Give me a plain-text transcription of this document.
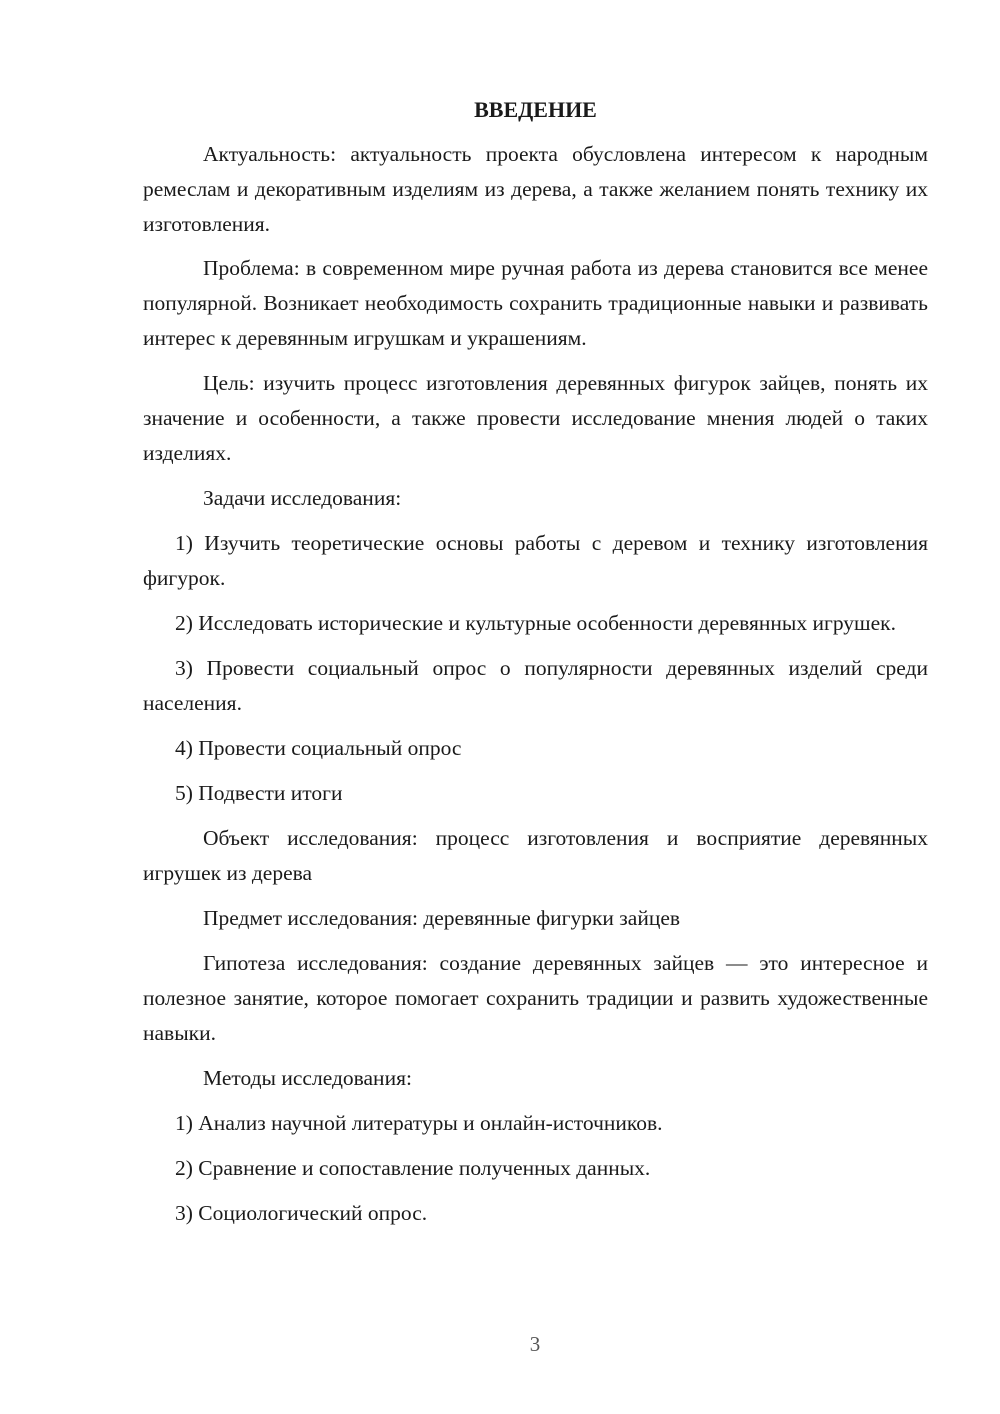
ВВЕДЕНИЕ

Актуальность: актуальность проекта обусловлена интересом к народным ремеслам и декоративным изделиям из дерева, а также желанием понять технику их изготовления.

Проблема: в современном мире ручная работа из дерева становится все менее популярной. Возникает необходимость сохранить традиционные навыки и развивать интерес к деревянным игрушкам и украшениям.

Цель: изучить процесс изготовления деревянных фигурок зайцев, понять их значение и особенности, а также провести исследование мнения людей о таких изделиях.

Задачи исследования:

1) Изучить теоретические основы работы с деревом и технику изготовления фигурок.

2) Исследовать исторические и культурные особенности деревянных игрушек.

3) Провести социальный опрос о популярности деревянных изделий среди населения.

4) Провести социальный опрос

5) Подвести итоги

Объект исследования: процесс изготовления и восприятие деревянных игрушек из дерева

Предмет исследования: деревянные фигурки зайцев

Гипотеза исследования: создание деревянных зайцев — это интересное и полезное занятие, которое помогает сохранить традиции и развить художественные навыки.

Методы исследования:

1) Анализ научной литературы и онлайн-источников.

2) Сравнение и сопоставление полученных данных.

3) Социологический опрос.

3
